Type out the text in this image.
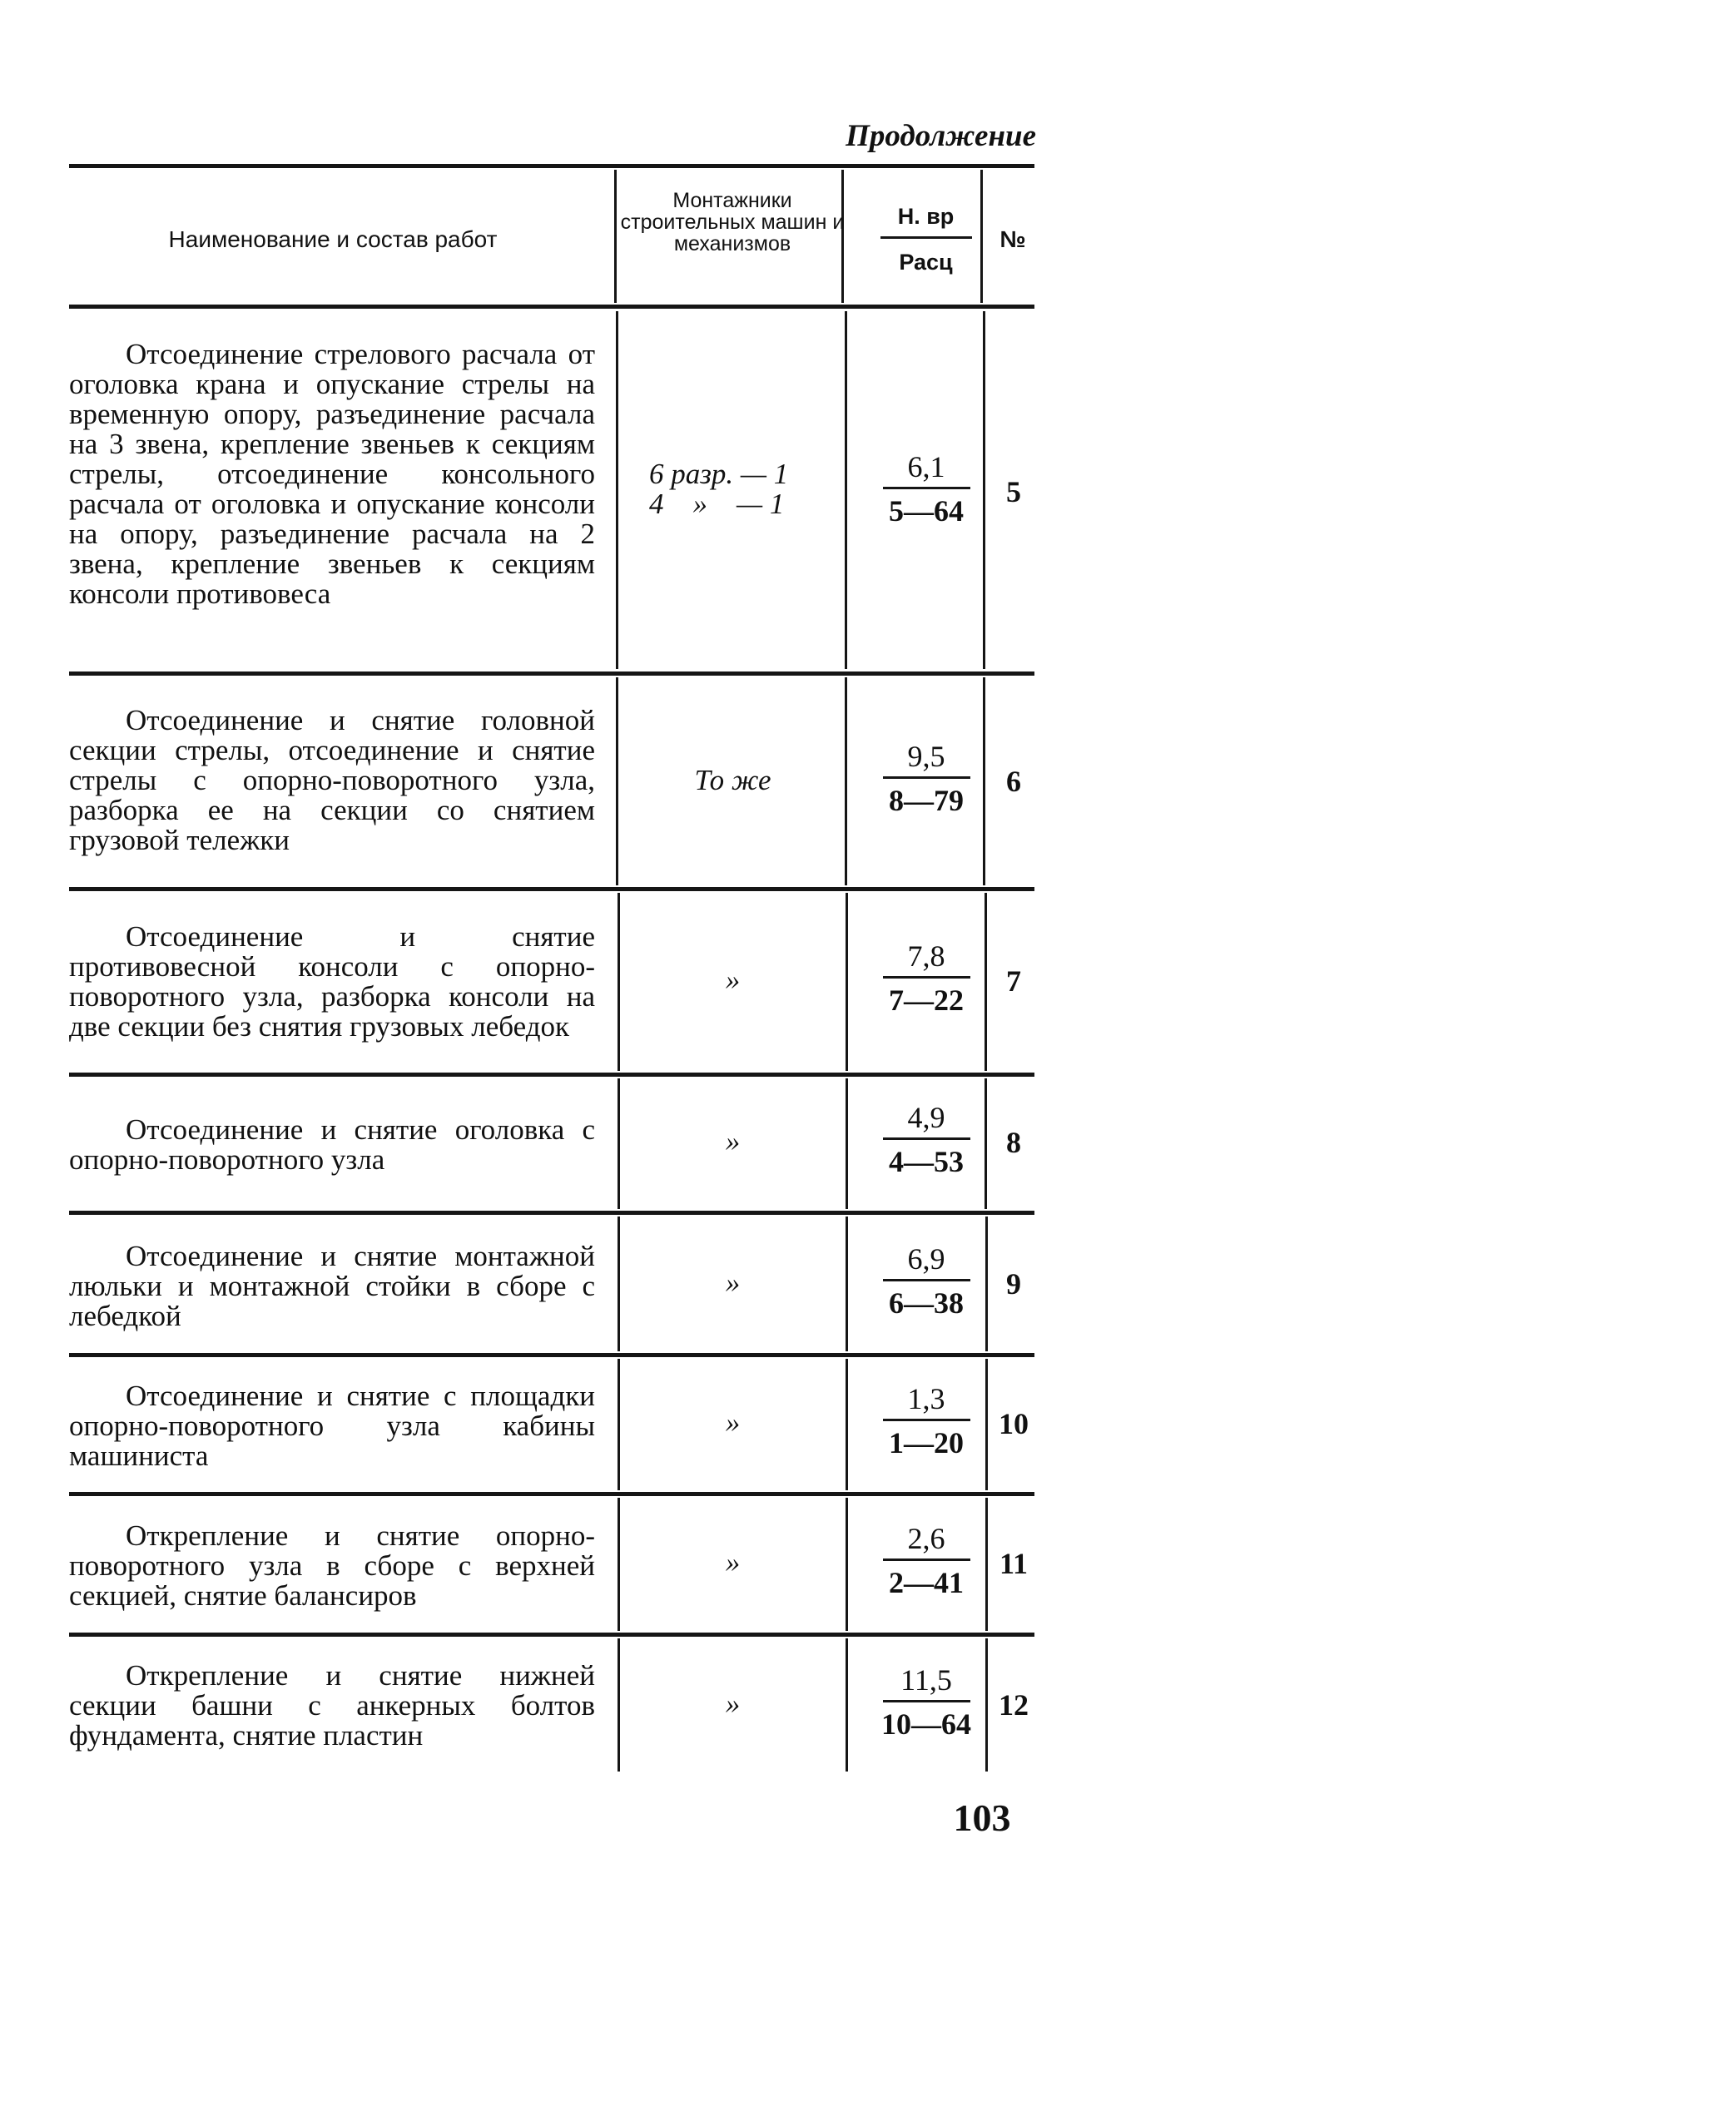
Продолжение
Наименование и состав работ
Монтажники строительных машин и механизмов
Н. вр
Расц
№
Отсоединение стрелового расчала от оголовка крана и опускание стрелы на временную опору, разъединение расчала на 3 звена, крепление звеньев к секциям стрелы, отсоединение консольного расчала от оголовка и опускание консоли на опору, разъединение расчала на 2 звена, крепление звеньев к секциям консоли противовеса
6 разр. — 1
4    »    — 1
6,1
5—64
5
Отсоединение и снятие головной секции стрелы, отсоединение и снятие стрелы с опорно-поворотного узла, разборка ее на секции со снятием грузовой тележки
То же
9,5
8—79
6
Отсоединение и снятие противовесной консоли с опорно-поворотного узла, разборка консоли на две секции без снятия грузовых лебедок
»
7,8
7—22
7
Отсоединение и снятие оголовка с опорно-поворотного узла
»
4,9
4—53
8
Отсоединение и снятие монтажной люльки и монтажной стойки в сборе с лебедкой
»
6,9
6—38
9
Отсоединение и снятие с площадки опорно-поворотного узла кабины машиниста
»
1,3
1—20
10
Открепление и снятие опорно-поворотного узла в сборе с верхней секцией, снятие балансиров
»
2,6
2—41
11
Открепление и снятие нижней секции башни с анкерных болтов фундамента, снятие пластин
»
11,5
10—64
12
103
